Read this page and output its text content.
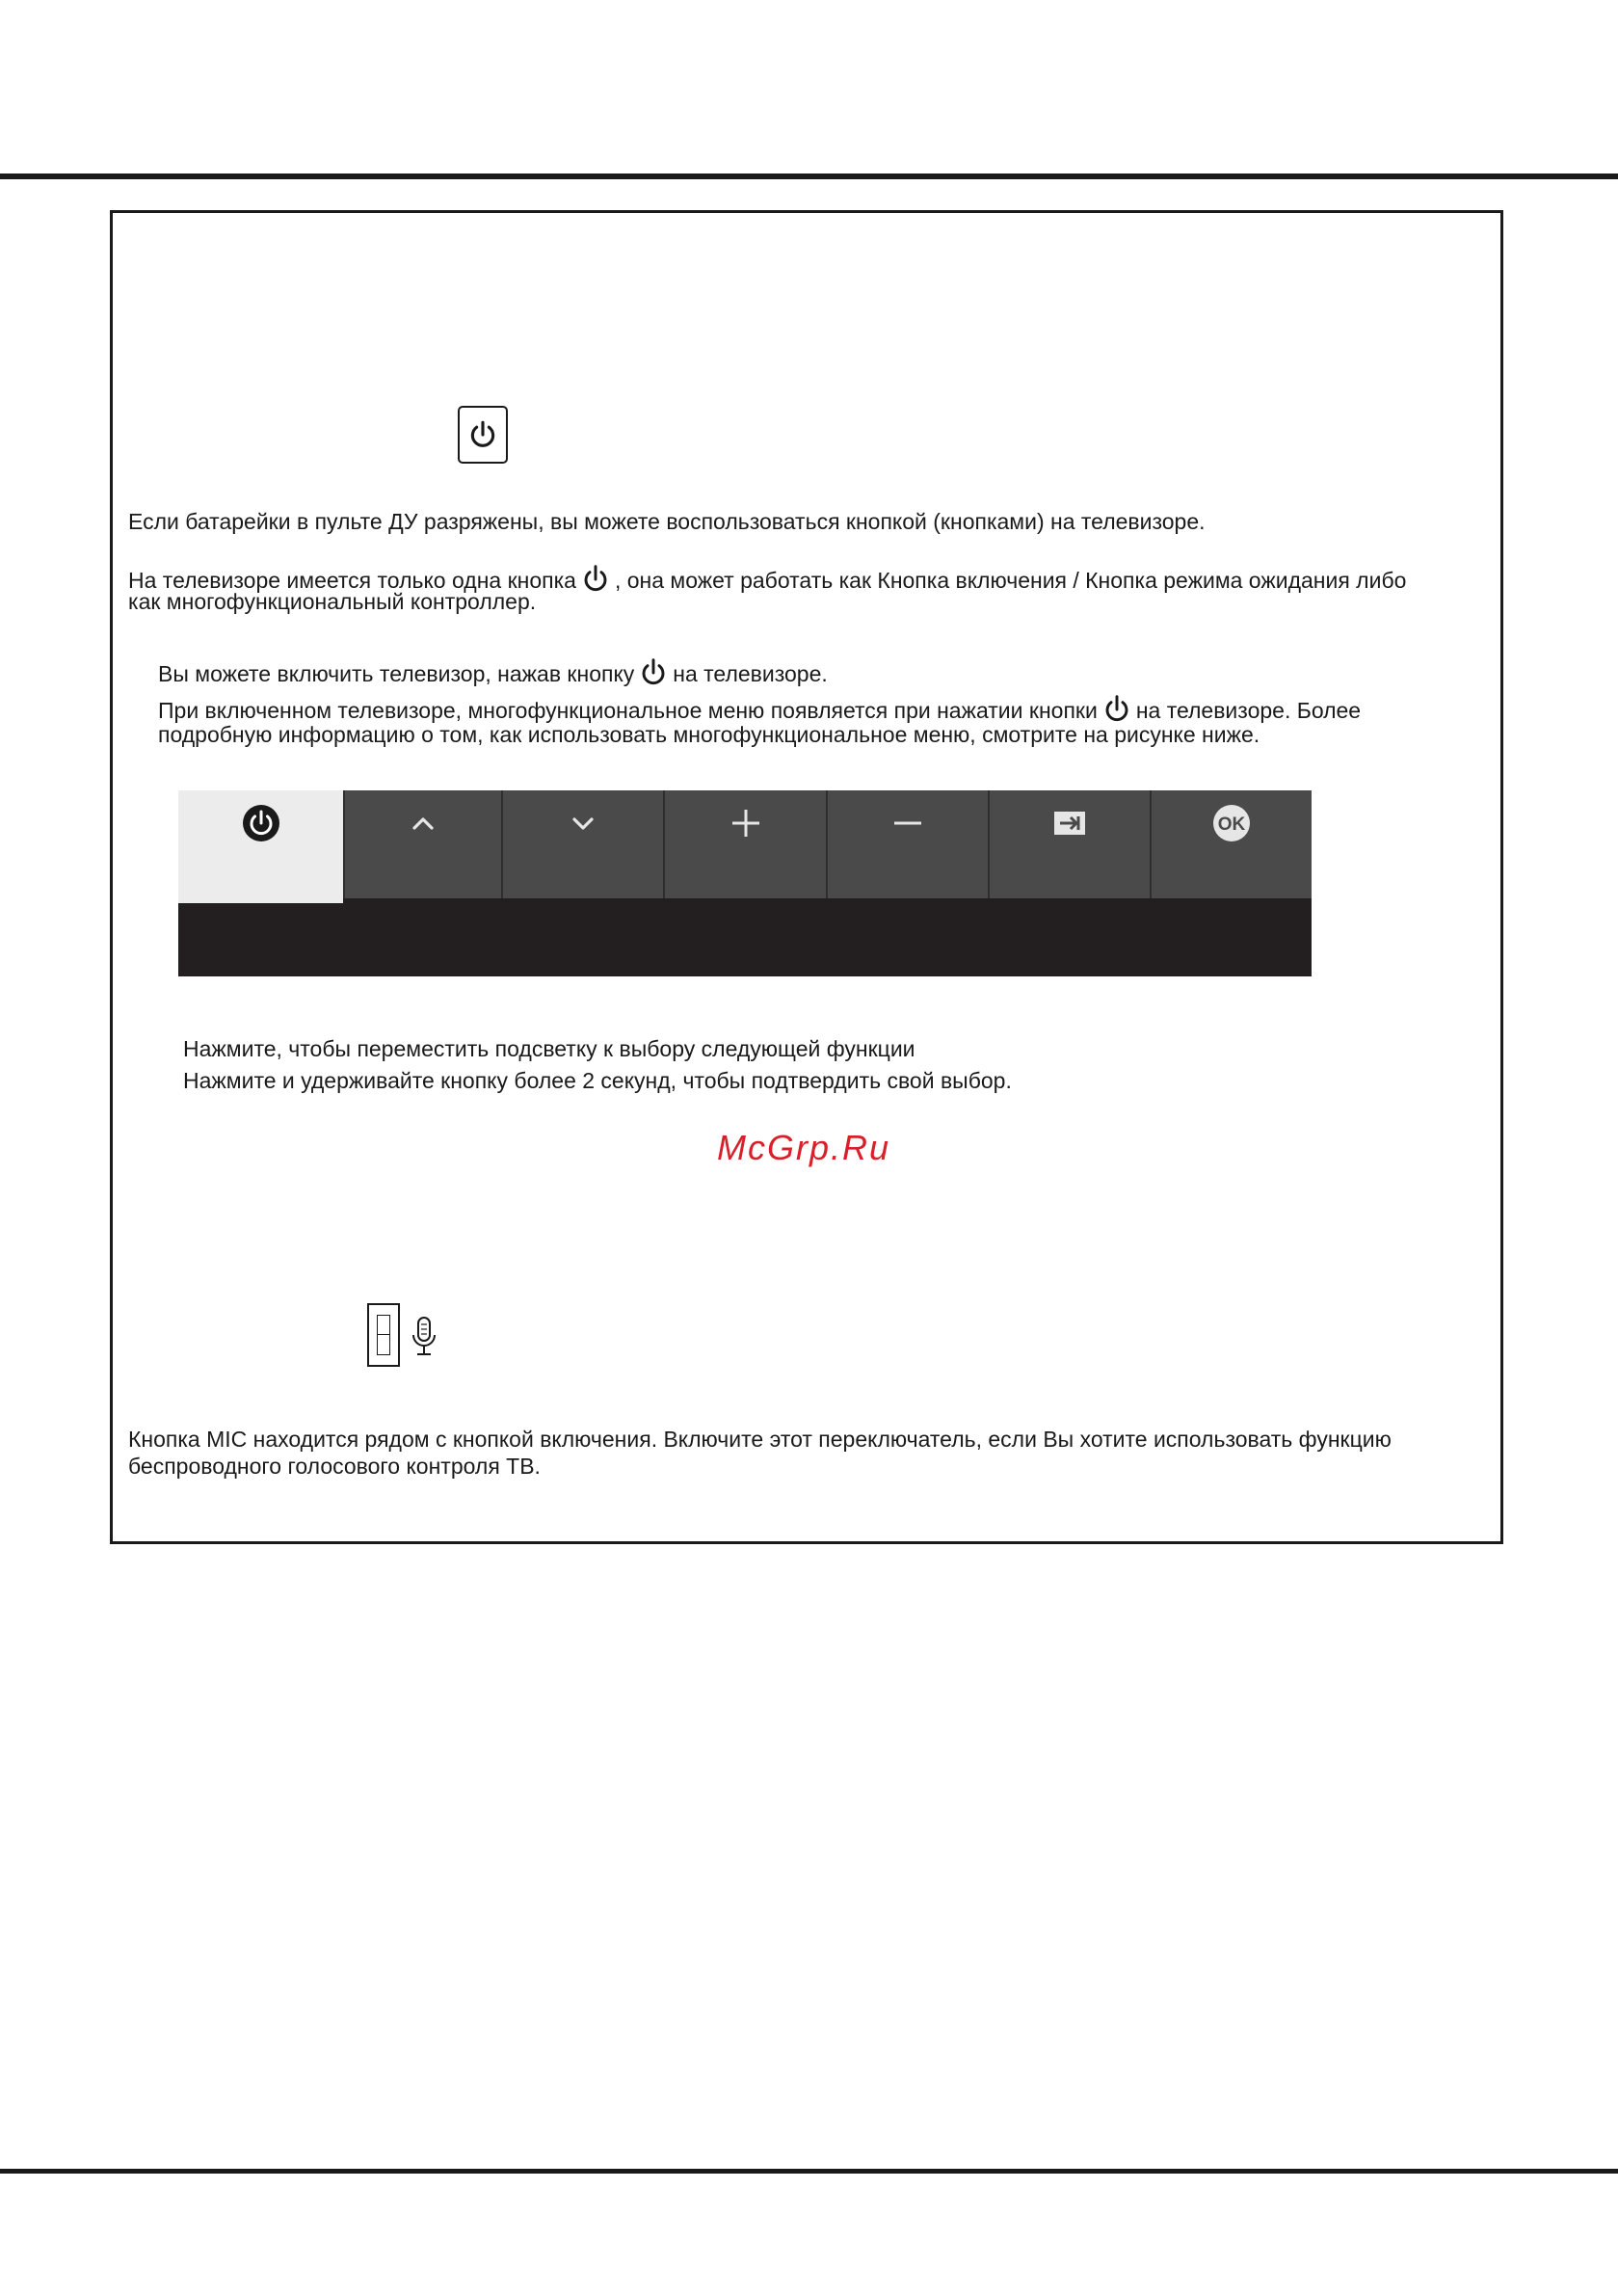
Если батарейки в пульте ДУ разряжены, вы можете воспользоваться кнопкой (кнопками) на телевизоре.
На телевизоре имеется только одна кнопка , она может работать как Кнопка включения / Кнопка режима ожидания либо
как многофункциональный контроллер.
Вы можете включить телевизор, нажав кнопку на телевизоре.
При включенном телевизоре, многофункциональное меню появляется при нажатии кнопки на телевизоре. Более
подробную информацию о том, как использовать многофункциональное меню, смотрите на рисунке ниже.
OK
Нажмите, чтобы переместить подсветку к выбору следующей функции
Нажмите и удерживайте кнопку более 2 секунд, чтобы подтвердить свой выбор.
McGrp.Ru
Кнопка MIC находится рядом с кнопкой включения. Включите этот переключатель, если Вы хотите использовать функцию
беспроводного голосового контроля ТВ.
